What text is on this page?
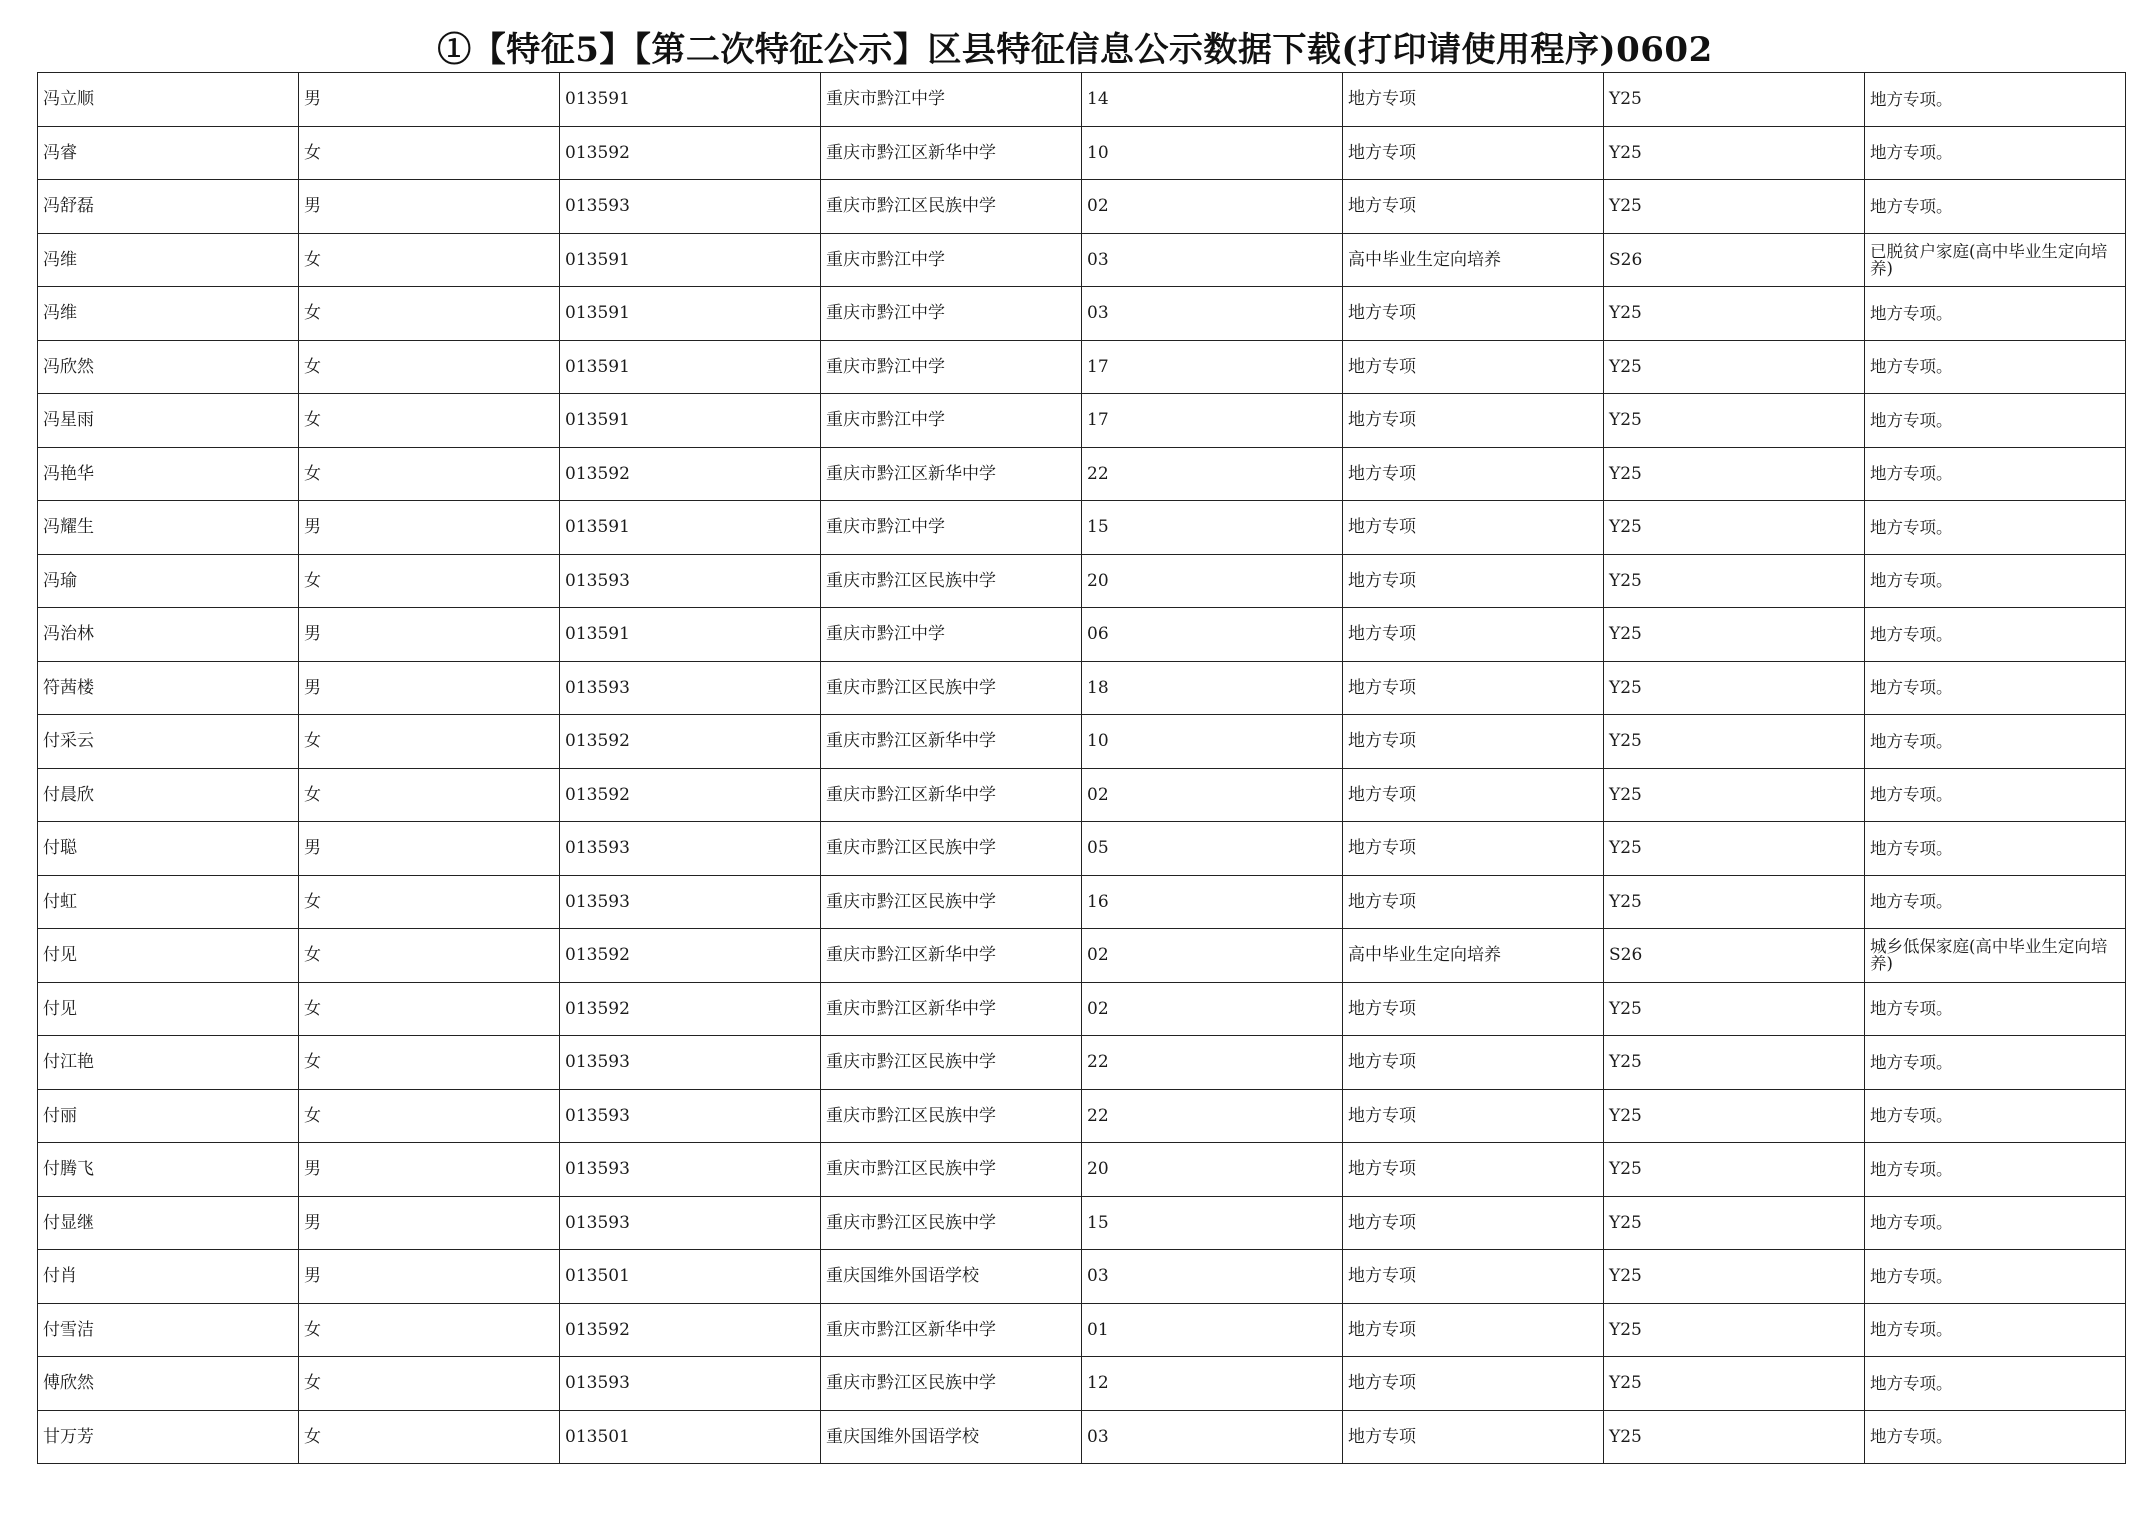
①【特征5】【第二次特征公示】区县特征信息公示数据下载(打印请使用程序)0602
冯立顺	男	013591	重庆市黔江中学	14	地方专项	Y25	地方专项。
冯睿	女	013592	重庆市黔江区新华中学	10	地方专项	Y25	地方专项。
冯舒磊	男	013593	重庆市黔江区民族中学	02	地方专项	Y25	地方专项。
冯维	女	013591	重庆市黔江中学	03	高中毕业生定向培养	S26	已脱贫户家庭(高中毕业生定向培养)
冯维	女	013591	重庆市黔江中学	03	地方专项	Y25	地方专项。
冯欣然	女	013591	重庆市黔江中学	17	地方专项	Y25	地方专项。
冯星雨	女	013591	重庆市黔江中学	17	地方专项	Y25	地方专项。
冯艳华	女	013592	重庆市黔江区新华中学	22	地方专项	Y25	地方专项。
冯耀生	男	013591	重庆市黔江中学	15	地方专项	Y25	地方专项。
冯瑜	女	013593	重庆市黔江区民族中学	20	地方专项	Y25	地方专项。
冯治林	男	013591	重庆市黔江中学	06	地方专项	Y25	地方专项。
符茜楼	男	013593	重庆市黔江区民族中学	18	地方专项	Y25	地方专项。
付采云	女	013592	重庆市黔江区新华中学	10	地方专项	Y25	地方专项。
付晨欣	女	013592	重庆市黔江区新华中学	02	地方专项	Y25	地方专项。
付聪	男	013593	重庆市黔江区民族中学	05	地方专项	Y25	地方专项。
付虹	女	013593	重庆市黔江区民族中学	16	地方专项	Y25	地方专项。
付见	女	013592	重庆市黔江区新华中学	02	高中毕业生定向培养	S26	城乡低保家庭(高中毕业生定向培养)
付见	女	013592	重庆市黔江区新华中学	02	地方专项	Y25	地方专项。
付江艳	女	013593	重庆市黔江区民族中学	22	地方专项	Y25	地方专项。
付丽	女	013593	重庆市黔江区民族中学	22	地方专项	Y25	地方专项。
付腾飞	男	013593	重庆市黔江区民族中学	20	地方专项	Y25	地方专项。
付显继	男	013593	重庆市黔江区民族中学	15	地方专项	Y25	地方专项。
付肖	男	013501	重庆国维外国语学校	03	地方专项	Y25	地方专项。
付雪洁	女	013592	重庆市黔江区新华中学	01	地方专项	Y25	地方专项。
傅欣然	女	013593	重庆市黔江区民族中学	12	地方专项	Y25	地方专项。
甘万芳	女	013501	重庆国维外国语学校	03	地方专项	Y25	地方专项。
